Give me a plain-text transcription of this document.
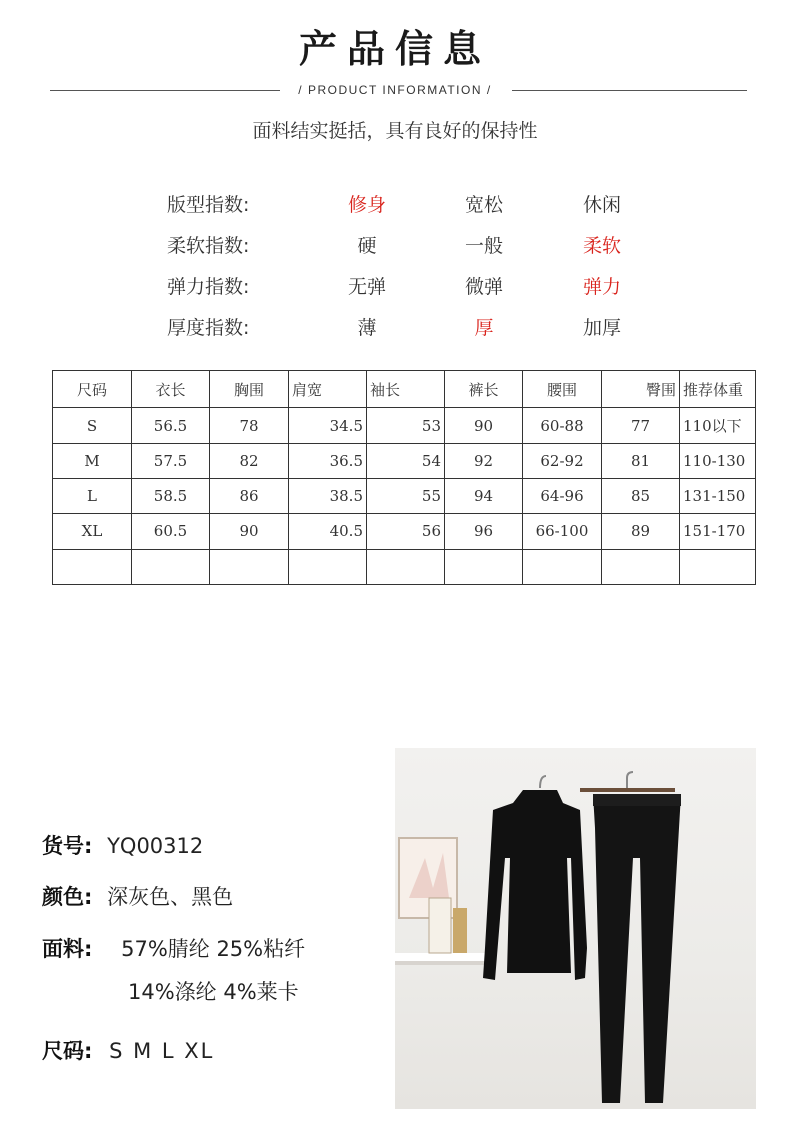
产品信息
/ PRODUCT INFORMATION /
面料结实挺括，具有良好的保持性
版型指数:	修身	宽松	休闲
柔软指数:	硬	一般	柔软
弹力指数:	无弹	微弹	弹力
厚度指数:	薄	厚	加厚
尺码	衣长	胸围	肩宽	袖长	裤长	腰围	臀围	推荐体重
S	56.5	78	34.5	53	90	60-88	77	110以下
M	57.5	82	36.5	54	92	62-92	81	110-130
L	58.5	86	38.5	55	94	64-96	85	131-150
XL	60.5	90	40.5	56	96	66-100	89	151-170

货号: YQ00312
颜色: 深灰色、黑色
面料: 57%腈纶 25%粘纤
14%涤纶 4%莱卡
尺码: S M L XL
